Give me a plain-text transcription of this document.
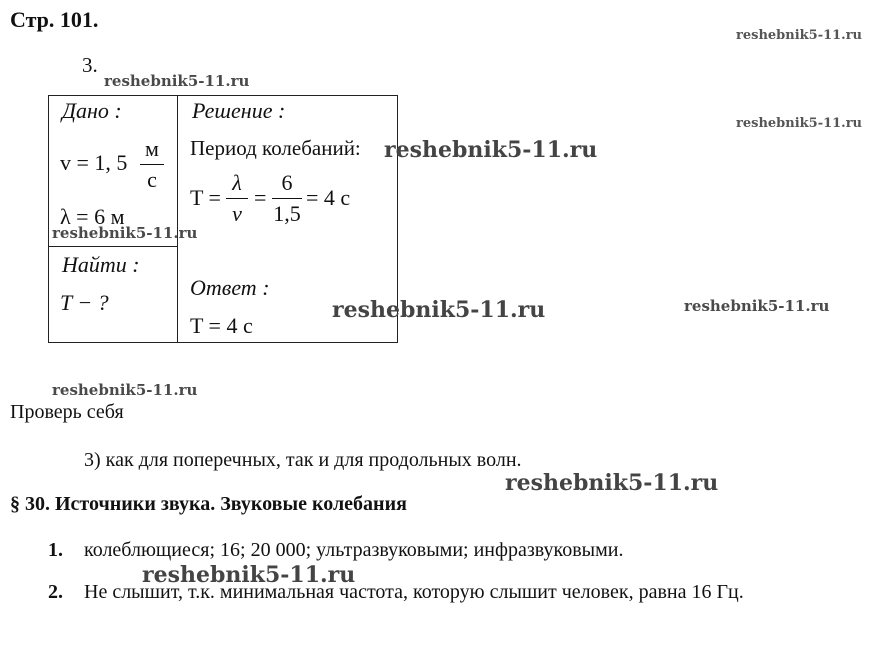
Стр. 101.
3.
Дано :
v = 1, 5
м
с
λ = 6 м
Найти :
T − ?
Решение :
Период колебаний:
T =
λ
v
=
6
1,5
= 4 с
Ответ :
T = 4 с
Проверь себя
3) как для поперечных, так и для продольных волн.
§ 30. Источники звука. Звуковые колебания
1. колеблющиеся; 16; 20 000; ультразвуковыми; инфразвуковыми.
2. Не слышит, т.к. минимальная частота, которую слышит человек, равна 16 Гц.
reshebnik5-11.ru
reshebnik5-11.ru
reshebnik5-11.ru
reshebnik5-11.ru
reshebnik5-11.ru
reshebnik5-11.ru	reshebnik5-11.ru
reshebnik5-11.ru
reshebnik5-11.ru
reshebnik5-11.ru
